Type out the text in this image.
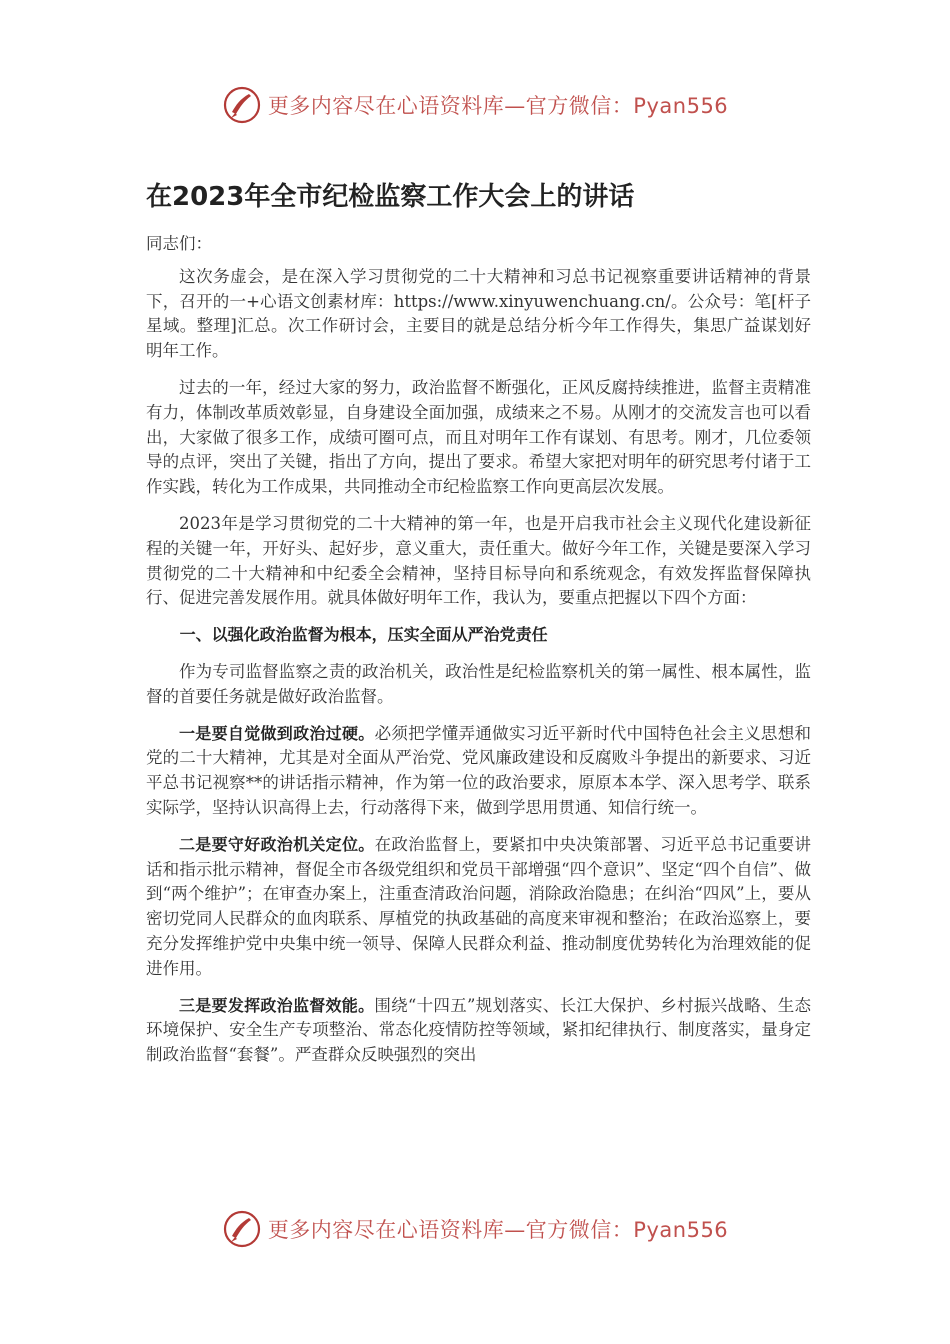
更多内容尽在心语资料库—官方微信：Pyan556
在2023年全市纪检监察工作大会上的讲话

同志们：

这次务虚会，是在深入学习贯彻党的二十大精神和习总书记视察重要讲话精神的背景下，召开的一+心语文创素材库：https://www.xinyuwenchuang.cn/。公众号：笔[杆子星域。整理]汇总。次工作研讨会，主要目的就是总结分析今年工作得失，集思广益谋划好明年工作。

过去的一年，经过大家的努力，政治监督不断强化，正风反腐持续推进，监督主责精准有力，体制改革质效彰显，自身建设全面加强，成绩来之不易。从刚才的交流发言也可以看出，大家做了很多工作，成绩可圈可点，而且对明年工作有谋划、有思考。刚才，几位委领导的点评，突出了关键，指出了方向，提出了要求。希望大家把对明年的研究思考付诸于工作实践，转化为工作成果，共同推动全市纪检监察工作向更高层次发展。

2023年是学习贯彻党的二十大精神的第一年，也是开启我市社会主义现代化建设新征程的关键一年，开好头、起好步，意义重大，责任重大。做好今年工作，关键是要深入学习贯彻党的二十大精神和中纪委全会精神，坚持目标导向和系统观念，有效发挥监督保障执行、促进完善发展作用。就具体做好明年工作，我认为，要重点把握以下四个方面：

一、以强化政治监督为根本，压实全面从严治党责任

作为专司监督监察之责的政治机关，政治性是纪检监察机关的第一属性、根本属性，监督的首要任务就是做好政治监督。

一是要自觉做到政治过硬。必须把学懂弄通做实习近平新时代中国特色社会主义思想和党的二十大精神，尤其是对全面从严治党、党风廉政建设和反腐败斗争提出的新要求、习近平总书记视察**的讲话指示精神，作为第一位的政治要求，原原本本学、深入思考学、联系实际学，坚持认识高得上去，行动落得下来，做到学思用贯通、知信行统一。

二是要守好政治机关定位。在政治监督上，要紧扣中央决策部署、习近平总书记重要讲话和指示批示精神，督促全市各级党组织和党员干部增强“四个意识”、坚定“四个自信”、做到“两个维护”；在审查办案上，注重查清政治问题，消除政治隐患；在纠治“四风”上，要从密切党同人民群众的血肉联系、厚植党的执政基础的高度来审视和整治；在政治巡察上，要充分发挥维护党中央集中统一领导、保障人民群众利益、推动制度优势转化为治理效能的促进作用。

三是要发挥政治监督效能。围绕“十四五”规划落实、长江大保护、乡村振兴战略、生态环境保护、安全生产专项整治、常态化疫情防控等领域，紧扣纪律执行、制度落实，量身定制政治监督“套餐”。严查群众反映强烈的突出

更多内容尽在心语资料库—官方微信：Pyan556
